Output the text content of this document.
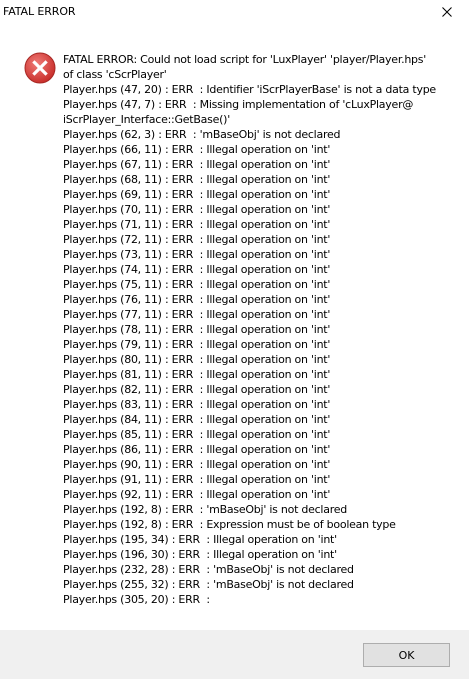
FATAL ERROR
FATAL ERROR: Could not load script for 'LuxPlayer' 'player/Player.hps'
of class 'cScrPlayer'
Player.hps (47, 20) : ERR  : Identifier 'iScrPlayerBase' is not a data type
Player.hps (47, 7) : ERR  : Missing implementation of 'cLuxPlayer@
iScrPlayer_Interface::GetBase()'
Player.hps (62, 3) : ERR  : 'mBaseObj' is not declared
Player.hps (66, 11) : ERR  : Illegal operation on 'int'
Player.hps (67, 11) : ERR  : Illegal operation on 'int'
Player.hps (68, 11) : ERR  : Illegal operation on 'int'
Player.hps (69, 11) : ERR  : Illegal operation on 'int'
Player.hps (70, 11) : ERR  : Illegal operation on 'int'
Player.hps (71, 11) : ERR  : Illegal operation on 'int'
Player.hps (72, 11) : ERR  : Illegal operation on 'int'
Player.hps (73, 11) : ERR  : Illegal operation on 'int'
Player.hps (74, 11) : ERR  : Illegal operation on 'int'
Player.hps (75, 11) : ERR  : Illegal operation on 'int'
Player.hps (76, 11) : ERR  : Illegal operation on 'int'
Player.hps (77, 11) : ERR  : Illegal operation on 'int'
Player.hps (78, 11) : ERR  : Illegal operation on 'int'
Player.hps (79, 11) : ERR  : Illegal operation on 'int'
Player.hps (80, 11) : ERR  : Illegal operation on 'int'
Player.hps (81, 11) : ERR  : Illegal operation on 'int'
Player.hps (82, 11) : ERR  : Illegal operation on 'int'
Player.hps (83, 11) : ERR  : Illegal operation on 'int'
Player.hps (84, 11) : ERR  : Illegal operation on 'int'
Player.hps (85, 11) : ERR  : Illegal operation on 'int'
Player.hps (86, 11) : ERR  : Illegal operation on 'int'
Player.hps (90, 11) : ERR  : Illegal operation on 'int'
Player.hps (91, 11) : ERR  : Illegal operation on 'int'
Player.hps (92, 11) : ERR  : Illegal operation on 'int'
Player.hps (192, 8) : ERR  : 'mBaseObj' is not declared
Player.hps (192, 8) : ERR  : Expression must be of boolean type
Player.hps (195, 34) : ERR  : Illegal operation on 'int'
Player.hps (196, 30) : ERR  : Illegal operation on 'int'
Player.hps (232, 28) : ERR  : 'mBaseObj' is not declared
Player.hps (255, 32) : ERR  : 'mBaseObj' is not declared
Player.hps (305, 20) : ERR  :
OK
